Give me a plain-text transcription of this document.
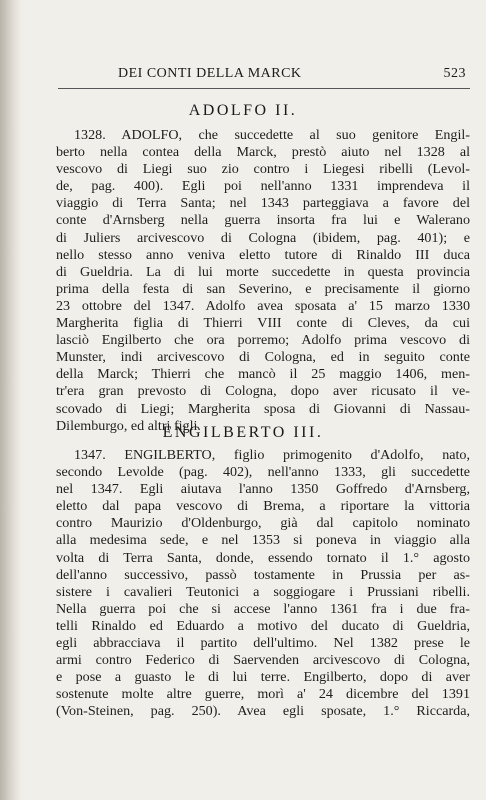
DEI CONTI DELLA MARCK	523
ADOLFO II.
1328. ADOLFO, che succedette al suo genitore Engil-
berto nella contea della Marck, prestò aiuto nel 1328 al
vescovo di Liegi suo zio contro i Liegesi ribelli (Levol-
de, pag. 400). Egli poi nell'anno 1331 imprendeva il
viaggio di Terra Santa; nel 1343 parteggiava a favore del
conte d'Arnsberg nella guerra insorta fra lui e Walerano
di Juliers arcivescovo di Cologna (ibidem, pag. 401); e
nello stesso anno veniva eletto tutore di Rinaldo III duca
di Gueldria. La di lui morte succedette in questa provincia
prima della festa di san Severino, e precisamente il giorno
23 ottobre del 1347. Adolfo avea sposata a' 15 marzo 1330
Margherita figlia di Thierri VIII conte di Cleves, da cui
lasciò Engilberto che ora porremo; Adolfo prima vescovo di
Munster, indi arcivescovo di Cologna, ed in seguito conte
della Marck; Thierri che mancò il 25 maggio 1406, men-
tr'era gran prevosto di Cologna, dopo aver ricusato il ve-
scovado di Liegi; Margherita sposa di Giovanni di Nassau-
Dilemburgo, ed altri figli.
ENGILBERTO III.
1347. ENGILBERTO, figlio primogenito d'Adolfo, nato,
secondo Levolde (pag. 402), nell'anno 1333, gli succedette
nel 1347. Egli aiutava l'anno 1350 Goffredo d'Arnsberg,
eletto dal papa vescovo di Brema, a riportare la vittoria
contro Maurizio d'Oldenburgo, già dal capitolo nominato
alla medesima sede, e nel 1353 si poneva in viaggio alla
volta di Terra Santa, donde, essendo tornato il 1.° agosto
dell'anno successivo, passò tostamente in Prussia per as-
sistere i cavalieri Teutonici a soggiogare i Prussiani ribelli.
Nella guerra poi che si accese l'anno 1361 fra i due fra-
telli Rinaldo ed Eduardo a motivo del ducato di Gueldria,
egli abbracciava il partito dell'ultimo. Nel 1382 prese le
armi contro Federico di Saervenden arcivescovo di Cologna,
e pose a guasto le di lui terre. Engilberto, dopo di aver
sostenute molte altre guerre, morì a' 24 dicembre del 1391
(Von-Steinen, pag. 250). Avea egli sposate, 1.° Riccarda,
